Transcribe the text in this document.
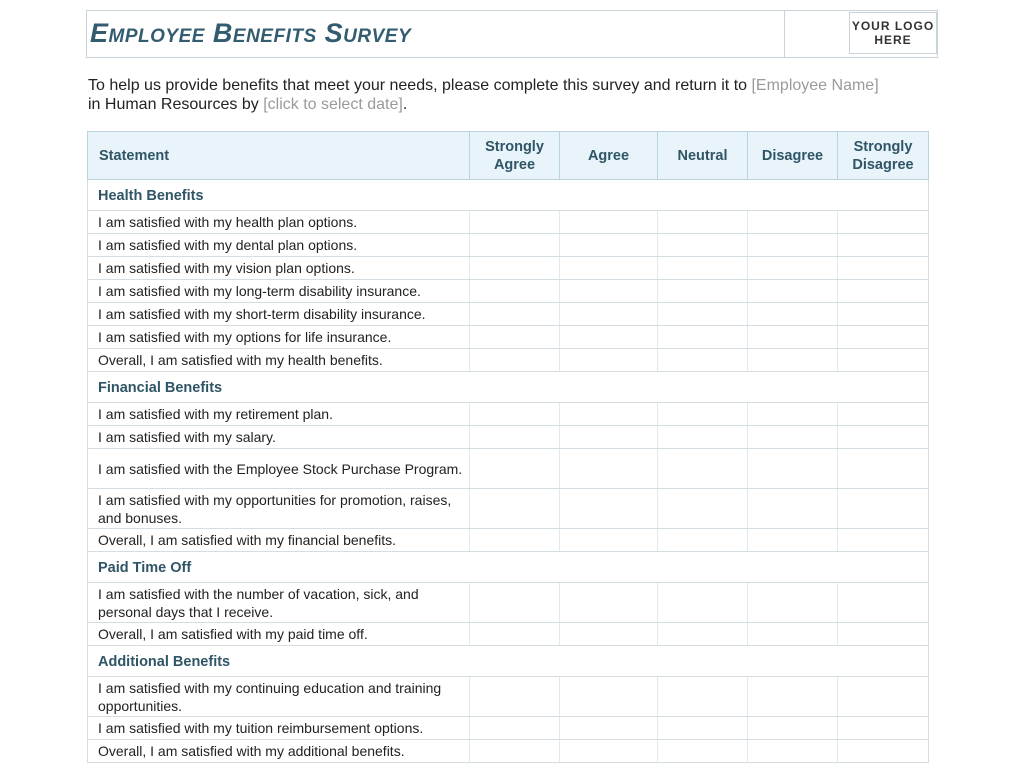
Employee Benefits Survey	YOUR LOGO
HERE
To help us provide benefits that meet your needs, please complete this survey and return it to [Employee Name]
in Human Resources by [click to select date].
Statement	Strongly Agree	Agree	Neutral	Disagree	Strongly Disagree
Health Benefits					
I am satisfied with my health plan options.					
I am satisfied with my dental plan options.					
I am satisfied with my vision plan options.					
I am satisfied with my long-term disability insurance.					
I am satisfied with my short-term disability insurance.					
I am satisfied with my options for life insurance.					
Overall, I am satisfied with my health benefits.					
Financial Benefits					
I am satisfied with my retirement plan.					
I am satisfied with my salary.					
I am satisfied with the Employee Stock Purchase Program.					
I am satisfied with my opportunities for promotion, raises, and bonuses.					
Overall, I am satisfied with my financial benefits.					
Paid Time Off					
I am satisfied with the number of vacation, sick, and personal days that I receive.					
Overall, I am satisfied with my paid time off.					
Additional Benefits					
I am satisfied with my continuing education and training opportunities.					
I am satisfied with my tuition reimbursement options.					
Overall, I am satisfied with my additional benefits.					
